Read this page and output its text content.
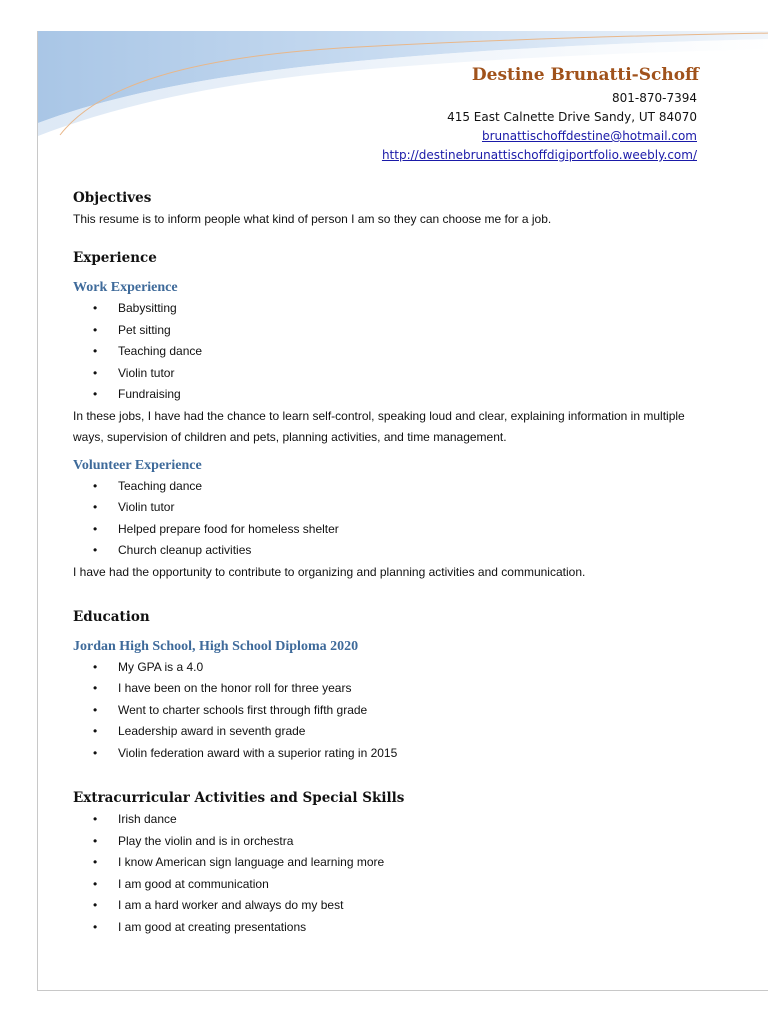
Destine Brunatti-Schoff
801-870-7394
415 East Calnette Drive Sandy, UT 84070
brunattischoffdestine@hotmail.com
http://destinebrunattischoffdigiportfolio.weebly.com/
Objectives

This resume is to inform people what kind of person I am so they can choose me for a job.

Experience
Work Experience
• Babysitting
• Pet sitting
• Teaching dance
• Violin tutor
• Fundraising

In these jobs, I have had the chance to learn self-control, speaking loud and clear, explaining information in multiple ways, supervision of children and pets, planning activities, and time management.

Volunteer Experience
• Teaching dance
• Violin tutor
• Helped prepare food for homeless shelter
• Church cleanup activities

I have had the opportunity to contribute to organizing and planning activities and communication.

Education
Jordan High School, High School Diploma 2020
• My GPA is a 4.0
• I have been on the honor roll for three years
• Went to charter schools first through fifth grade
• Leadership award in seventh grade
• Violin federation award with a superior rating in 2015
Extracurricular Activities and Special Skills
• Irish dance
• Play the violin and is in orchestra
• I know American sign language and learning more
• I am good at communication
• I am a hard worker and always do my best
• I am good at creating presentations
